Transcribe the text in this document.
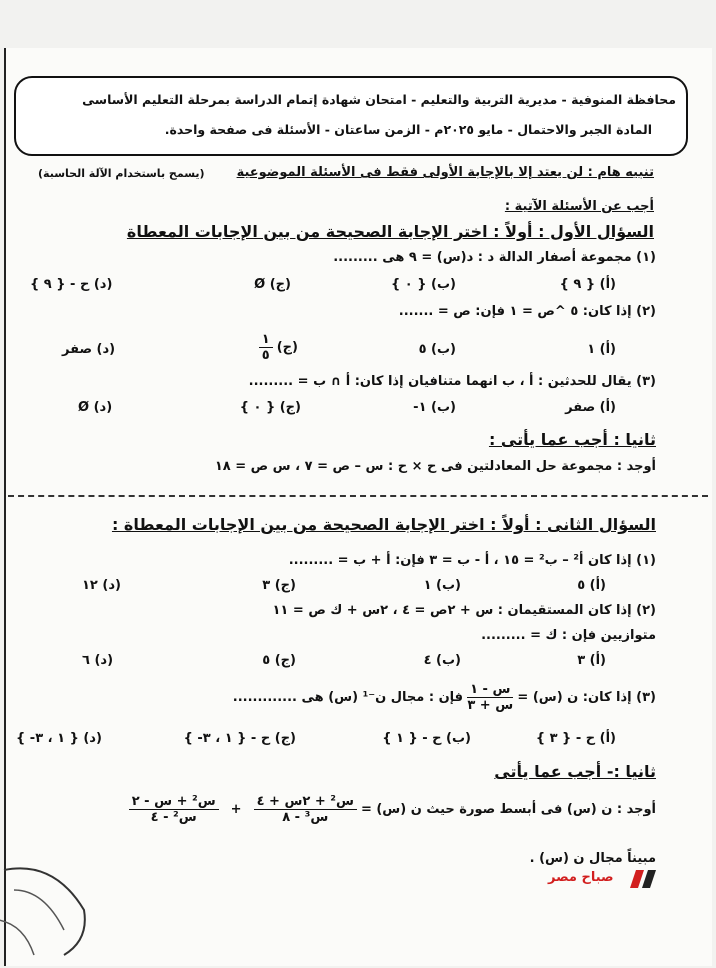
محافظة المنوفية - مديرية التربية والتعليم - امتحان شهادة إتمام الدراسة بمرحلة التعليم الأساسى
المادة الجبر والاحتمال - مايو ٢٠٢٥م - الزمن ساعتان - الأسئلة فى صفحة واحدة.
تنبيه هام : لن يعتد إلا بالإجابة الأولى فقط فى الأسئلة الموضوعية
(يسمح باستخدام الآلة الحاسبة)
أجب عن الأسئلة الآتية :
السؤال الأول : أولاً : اختر الإجابة الصحيحة من بين الإجابات المعطاة
(١) مجموعة أصفار الدالة د : د(س) = ٩ هى .........
(أ) { ٩ }
(ب) { ٠ }
(ج) Ø
(د) ح - { ٩ }
(٢) إذا كان: ٥ ^ص = ١ فإن: ص = .......
(أ) ١
(ب) ٥
(ج)
$\frac{١}{٥}$
(د) صفر
(٣) يقال للحدثين : أ ، ب انهما متنافيان إذا كان: أ ∩ ب = .........
(أ) صفر
(ب) ١-
(ج) { ٠ }
(د) Ø
ثانيا : أجب عما يأتى :
أوجد : مجموعة حل المعادلتين فى ح × ح : س – ص = ٧ ، س ص = ١٨
السؤال الثانى : أولاً : اختر الإجابة الصحيحة من بين الإجابات المعطاة :
(١) إذا كان أ² – ب² = ١٥ ، أ - ب = ٣ فإن: أ + ب = .........
(أ) ٥
(ب) ١
(ج) ٣
(د) ١٢
(٢) إذا كان المستقيمان : س + ٢ص = ٤ ، ٢س + ك ص = ١١
متوازيين فإن : ك = .........
(أ) ٣
(ب) ٤
(ج) ٥
(د) ٦
(٣) إذا كان: ن (س) =
$\frac{\text{س - ١}}{\text{س + ٣}}$
فإن : مجال ن⁻¹ (س) هى .............
(أ) ح - { ٣ }
(ب) ح - { ١ }
(ج) ح - { ١ ، ٣- }
(د) { ١ ، ٣- }
ثانيا :- أجب عما يأتى
أوجد : ن (س) فى أبسط صورة حيث ن (س) =
$\frac{\text{س² + ٢س + ٤}}{\text{س³ - ٨}}$
+
$\frac{\text{س² + س - ٢}}{\text{س² - ٤}}$
مبيناً مجال ن (س) .
صباح مصر
